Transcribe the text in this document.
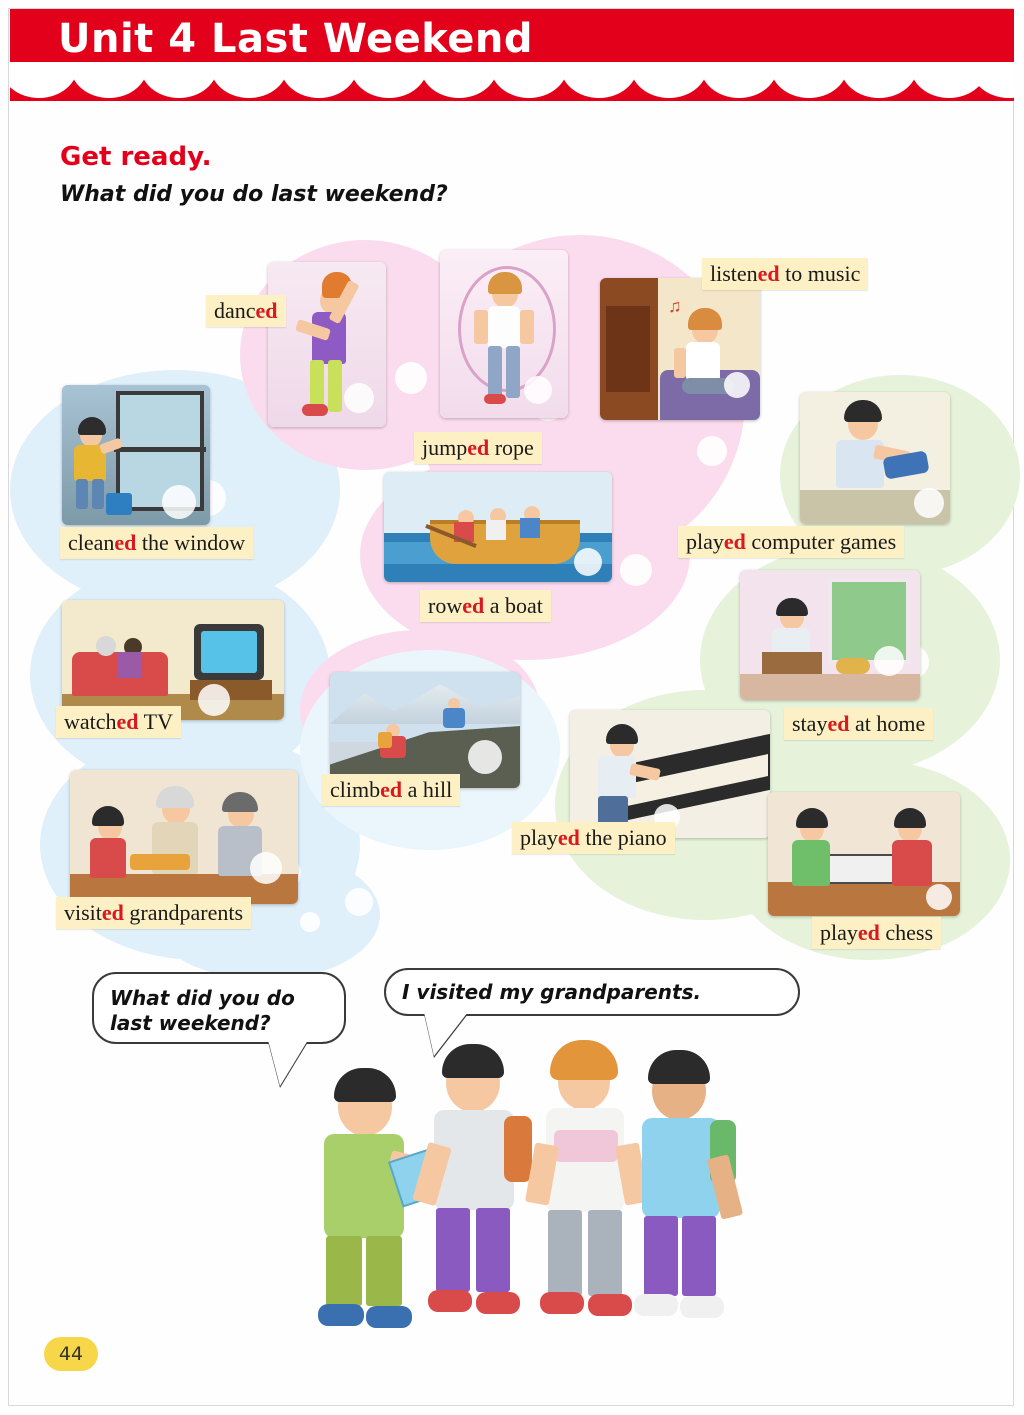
Unit 4 Last Weekend
Get ready.
What did you do last weekend?
♫
danced
jumped rope
listened to music
cleaned the window
rowed a boat
played computer games
watched TV
climbed a hill
stayed at home
played the piano
visited grandparents
played chess
What did you do
last weekend?
I visited my grandparents.
44
